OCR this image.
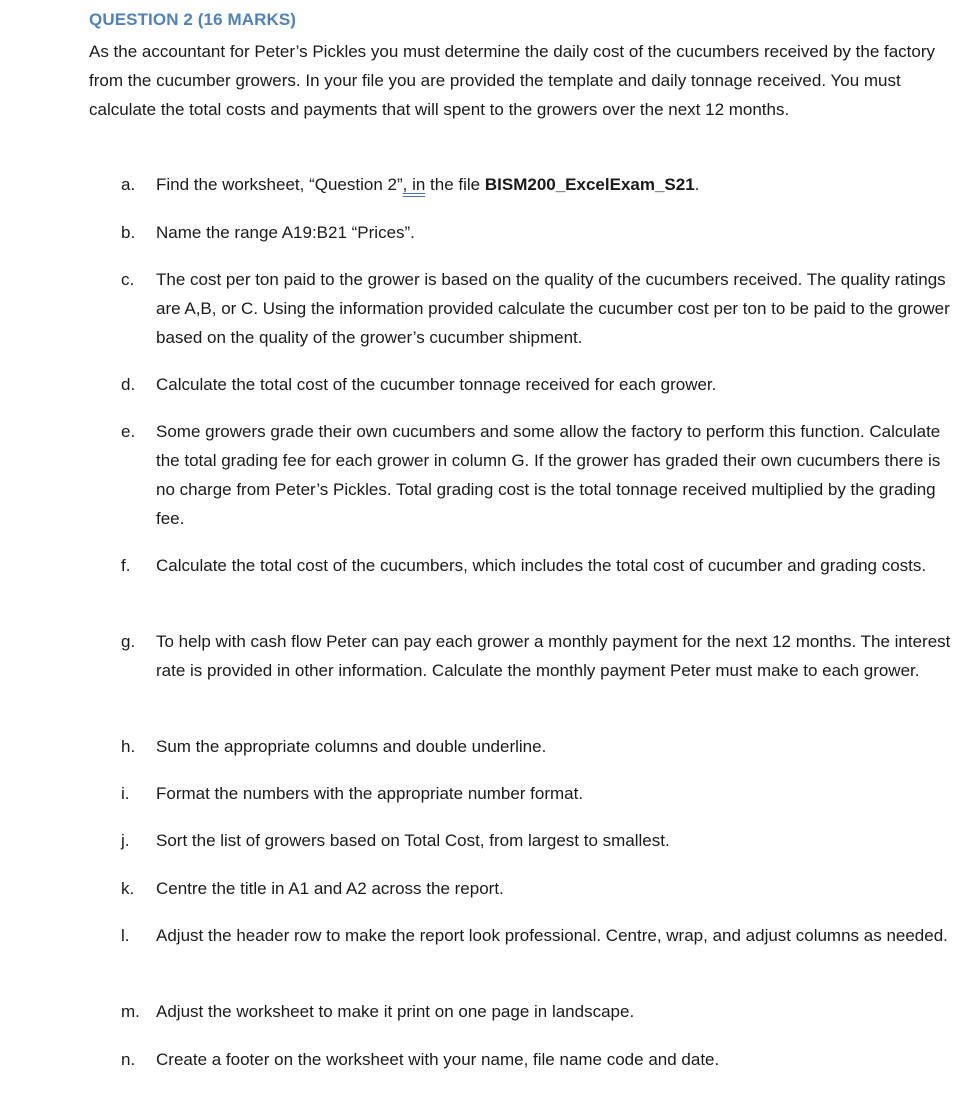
QUESTION 2 (16 MARKS)
As the accountant for Peter’s Pickles you must determine the daily cost of the cucumbers received by the factory from the cucumber growers. In your file you are provided the template and daily tonnage received. You must calculate the total costs and payments that will spent to the growers over the next 12 months.
a. Find the worksheet, “Question 2”, in the file BISM200_ExcelExam_S21.
b. Name the range A19:B21 “Prices”.
c. The cost per ton paid to the grower is based on the quality of the cucumbers received. The quality ratings are A,B, or C. Using the information provided calculate the cucumber cost per ton to be paid to the grower based on the quality of the grower’s cucumber shipment.
d. Calculate the total cost of the cucumber tonnage received for each grower.
e. Some growers grade their own cucumbers and some allow the factory to perform this function. Calculate the total grading fee for each grower in column G. If the grower has graded their own cucumbers there is no charge from Peter’s Pickles. Total grading cost is the total tonnage received multiplied by the grading fee.
f. Calculate the total cost of the cucumbers, which includes the total cost of cucumber and grading costs.
g. To help with cash flow Peter can pay each grower a monthly payment for the next 12 months. The interest rate is provided in other information. Calculate the monthly payment Peter must make to each grower.
h. Sum the appropriate columns and double underline.
i. Format the numbers with the appropriate number format.
j. Sort the list of growers based on Total Cost, from largest to smallest.
k. Centre the title in A1 and A2 across the report.
l. Adjust the header row to make the report look professional. Centre, wrap, and adjust columns as needed.
m. Adjust the worksheet to make it print on one page in landscape.
n. Create a footer on the worksheet with your name, file name code and date.
